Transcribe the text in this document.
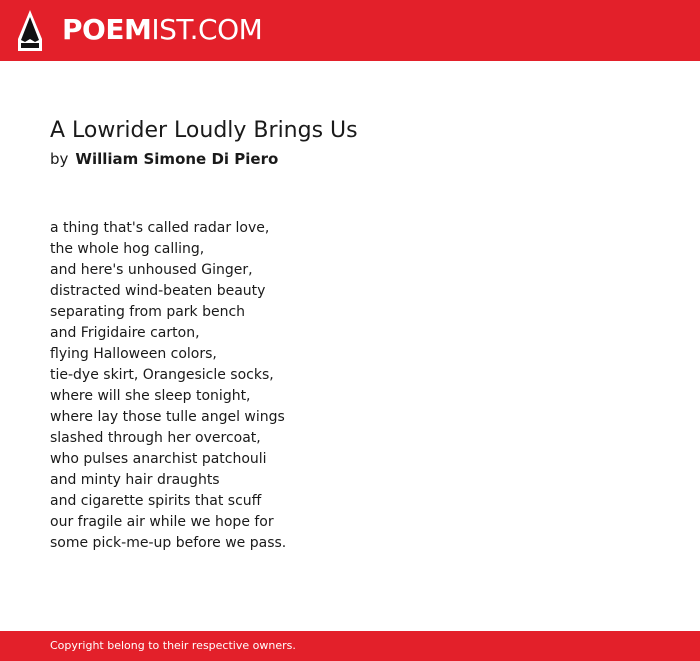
POEMIST.COM
A Lowrider Loudly Brings Us
by William Simone Di Piero
a thing that's called radar love,
the whole hog calling,
and here's unhoused Ginger,
distracted wind-beaten beauty
separating from park bench
and Frigidaire carton,
flying Halloween colors,
tie-dye skirt, Orangesicle socks,
where will she sleep tonight,
where lay those tulle angel wings
slashed through her overcoat,
who pulses anarchist patchouli
and minty hair draughts
and cigarette spirits that scuff
our fragile air while we hope for
some pick-me-up before we pass.
Copyright belong to their respective owners.
